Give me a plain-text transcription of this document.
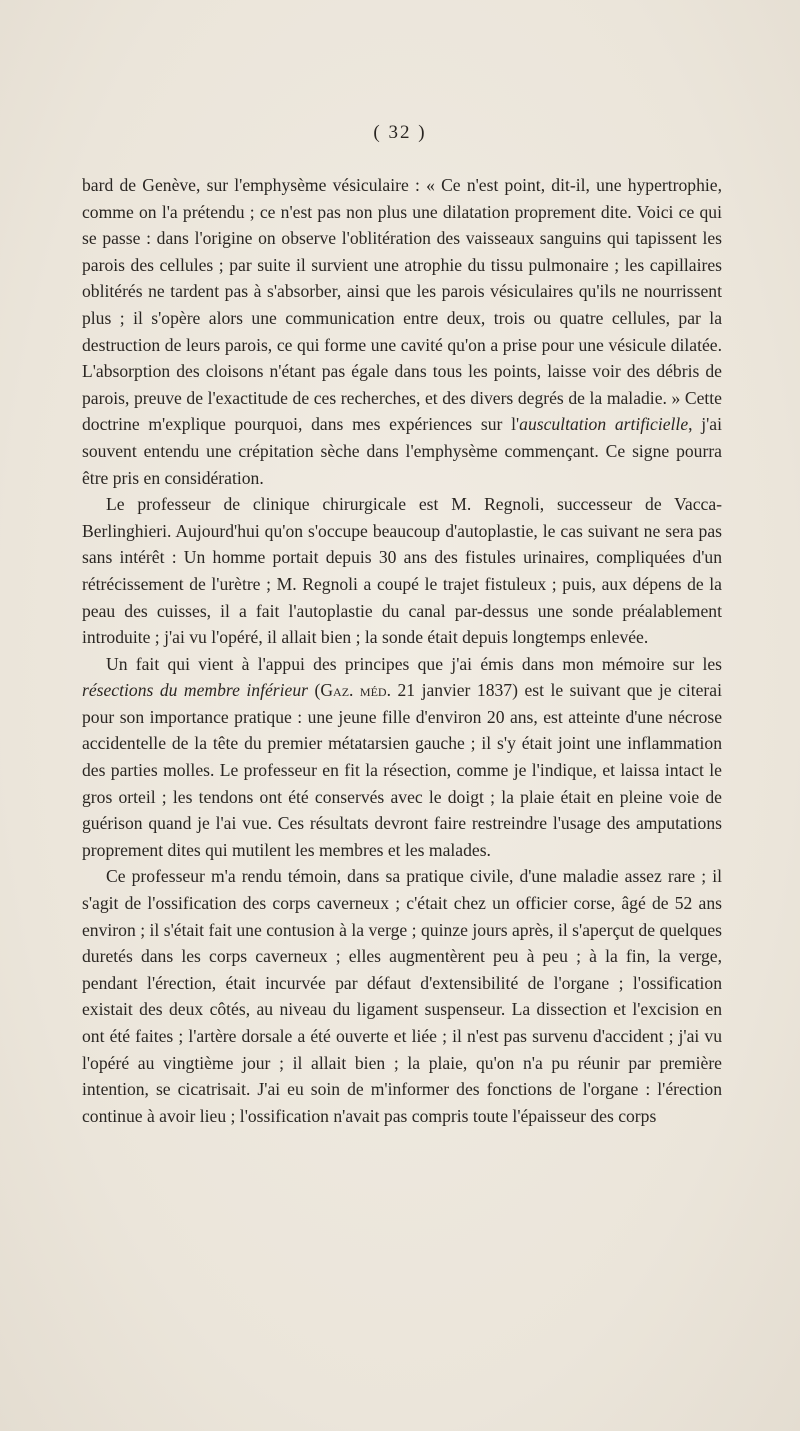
( 32 )

bard de Genève, sur l'emphysème vésiculaire : « Ce n'est point, dit-il, une hypertrophie, comme on l'a prétendu ; ce n'est pas non plus une dilatation proprement dite. Voici ce qui se passe : dans l'origine on observe l'oblitération des vaisseaux sanguins qui tapissent les parois des cellules ; par suite il survient une atrophie du tissu pulmonaire ; les capillaires oblitérés ne tardent pas à s'absorber, ainsi que les parois vésiculaires qu'ils ne nourrissent plus ; il s'opère alors une communication entre deux, trois ou quatre cellules, par la destruction de leurs parois, ce qui forme une cavité qu'on a prise pour une vésicule dilatée. L'absorption des cloisons n'étant pas égale dans tous les points, laisse voir des débris de parois, preuve de l'exactitude de ces recherches, et des divers degrés de la maladie. » Cette doctrine m'explique pourquoi, dans mes expériences sur l'auscultation artificielle, j'ai souvent entendu une crépitation sèche dans l'emphysème commençant. Ce signe pourra être pris en considération.

Le professeur de clinique chirurgicale est M. Regnoli, successeur de Vacca-Berlinghieri. Aujourd'hui qu'on s'occupe beaucoup d'autoplastie, le cas suivant ne sera pas sans intérêt : Un homme portait depuis 30 ans des fistules urinaires, compliquées d'un rétrécissement de l'urètre ; M. Regnoli a coupé le trajet fistuleux ; puis, aux dépens de la peau des cuisses, il a fait l'autoplastie du canal par-dessus une sonde préalablement introduite ; j'ai vu l'opéré, il allait bien ; la sonde était depuis longtemps enlevée.

Un fait qui vient à l'appui des principes que j'ai émis dans mon mémoire sur les résections du membre inférieur (Gaz. méd. 21 janvier 1837) est le suivant que je citerai pour son importance pratique : une jeune fille d'environ 20 ans, est atteinte d'une nécrose accidentelle de la tête du premier métatarsien gauche ; il s'y était joint une inflammation des parties molles. Le professeur en fit la résection, comme je l'indique, et laissa intact le gros orteil ; les tendons ont été conservés avec le doigt ; la plaie était en pleine voie de guérison quand je l'ai vue. Ces résultats devront faire restreindre l'usage des amputations proprement dites qui mutilent les membres et les malades.

Ce professeur m'a rendu témoin, dans sa pratique civile, d'une maladie assez rare ; il s'agit de l'ossification des corps caverneux ; c'était chez un officier corse, âgé de 52 ans environ ; il s'était fait une contusion à la verge ; quinze jours après, il s'aperçut de quelques duretés dans les corps caverneux ; elles augmentèrent peu à peu ; à la fin, la verge, pendant l'érection, était incurvée par défaut d'extensibilité de l'organe ; l'ossification existait des deux côtés, au niveau du ligament suspenseur. La dissection et l'excision en ont été faites ; l'artère dorsale a été ouverte et liée ; il n'est pas survenu d'accident ; j'ai vu l'opéré au vingtième jour ; il allait bien ; la plaie, qu'on n'a pu réunir par première intention, se cicatrisait. J'ai eu soin de m'informer des fonctions de l'organe : l'érection continue à avoir lieu ; l'ossification n'avait pas compris toute l'épaisseur des corps
